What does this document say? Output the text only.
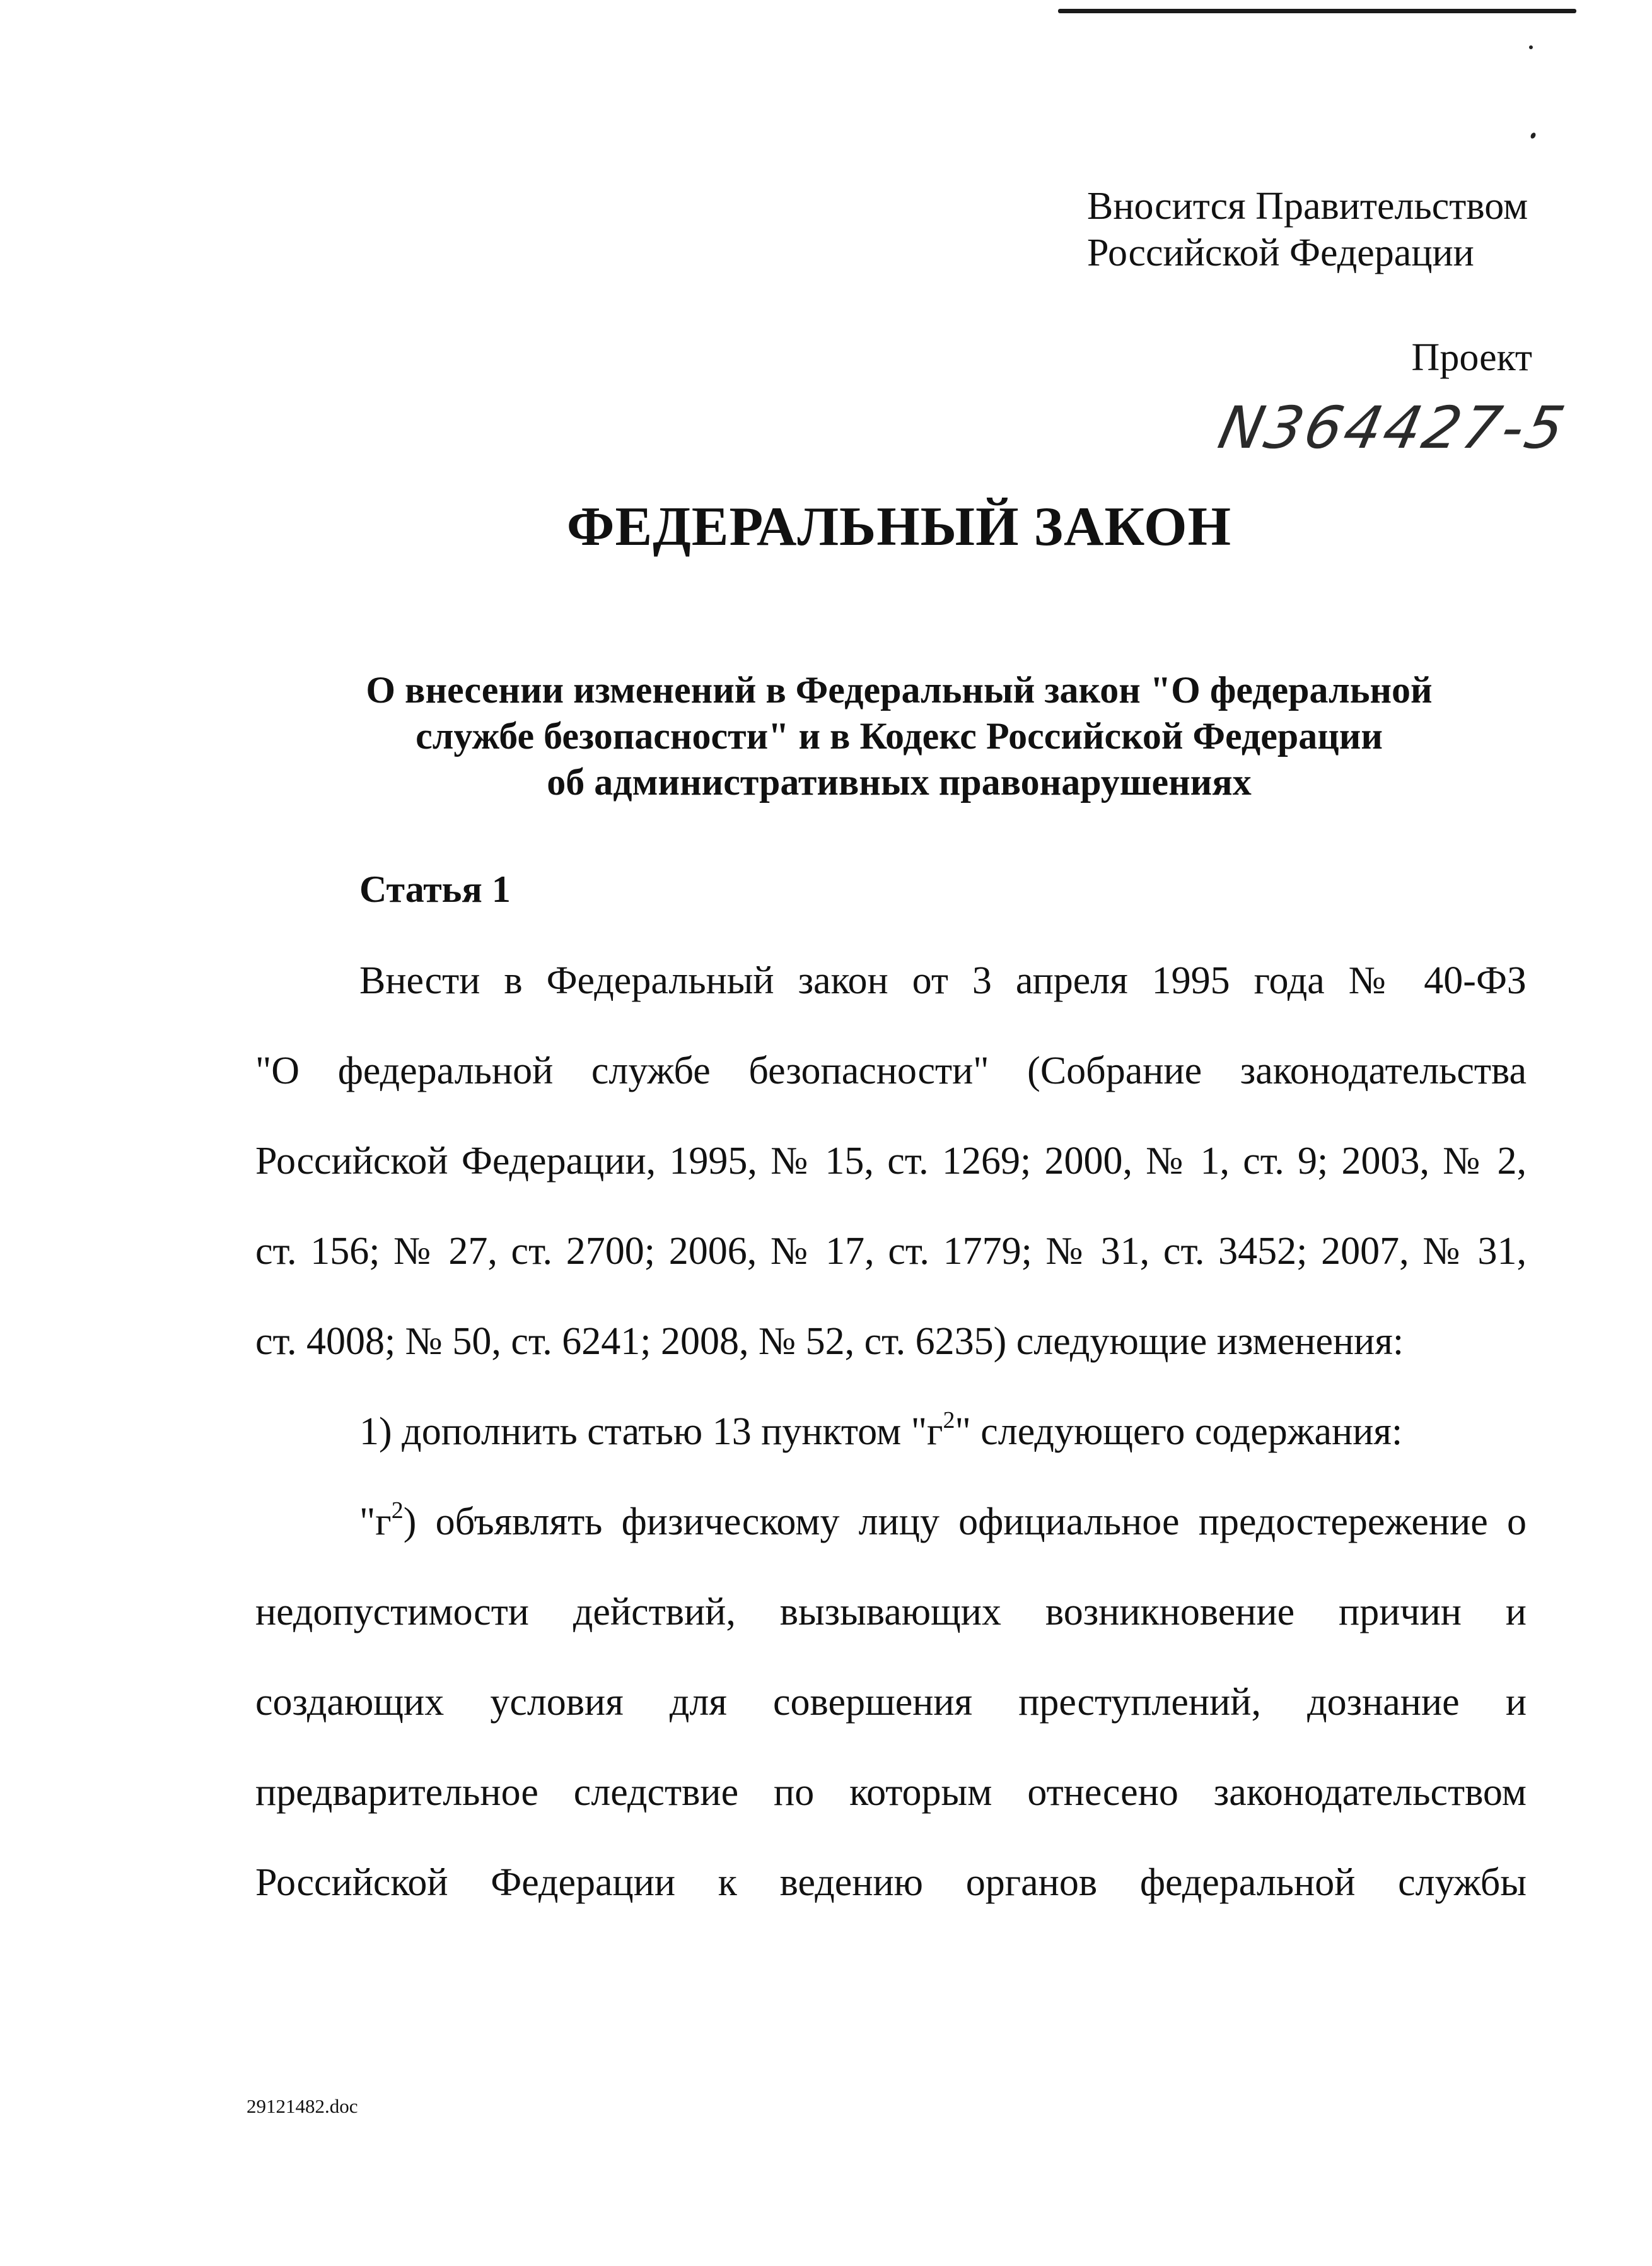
Вносится Правительством
Российской Федерации
Проект
N364427-5
ФЕДЕРАЛЬНЫЙ ЗАКОН
О внесении изменений в Федеральный закон "О федеральной
службе безопасности" и в Кодекс Российской Федерации
об административных правонарушениях
Статья 1
Внести в Федеральный закон от 3 апреля 1995 года № 40-ФЗ
"О федеральной службе безопасности" (Собрание законодательства
Российской Федерации, 1995, № 15, ст. 1269; 2000, № 1, ст. 9; 2003, № 2,
ст. 156; № 27, ст. 2700; 2006, № 17, ст. 1779; № 31, ст. 3452; 2007, № 31,
ст. 4008; № 50, ст. 6241; 2008, № 52, ст. 6235) следующие изменения:
1) дополнить статью 13 пунктом "$г^2$" следующего содержания:
"$г^2$) объявлять физическому лицу официальное предостережение о
недопустимости действий, вызывающих возникновение причин и
создающих условия для совершения преступлений, дознание и
предварительное следствие по которым отнесено законодательством
Российской Федерации к ведению органов федеральной службы
29121482.doc
